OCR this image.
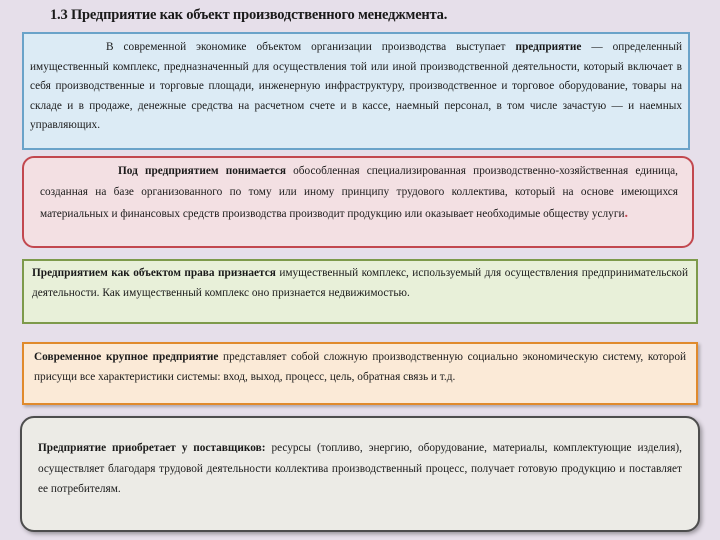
1.3 Предприятие как объект производственного менеджмента.
В современной экономике объектом организации производства выступает предприятие — определенный имущественный комплекс, предназначенный для осуществления той или иной производственной деятельности, который включает в себя производственные и торговые площади, инженерную инфраструктуру, производственное и торговое оборудование, товары на складе и в продаже, денежные средства на расчетном счете и в кассе, наемный персонал, в том числе зачастую — и наемных управляющих.
Под предприятием понимается обособленная специализированная производственно-хозяйственная единица, созданная на базе организованного по тому или иному принципу трудового коллектива, который на основе имеющихся материальных и финансовых средств производства производит продукцию или оказывает необходимые обществу услуги.
Предприятием как объектом права признается имущественный комплекс, используемый для осуществления предпринимательской деятельности. Как имущественный комплекс оно признается недвижимостью.
Современное крупное предприятие представляет собой сложную производственную социально экономическую систему, которой присущи все характеристики системы: вход, выход, процесс, цель, обратная связь и т.д.
Предприятие приобретает у поставщиков: ресурсы (топливо, энергию, оборудование, материалы, комплектующие изделия), осуществляет благодаря трудовой деятельности коллектива производственный процесс, получает готовую продукцию и поставляет ее потребителям.
